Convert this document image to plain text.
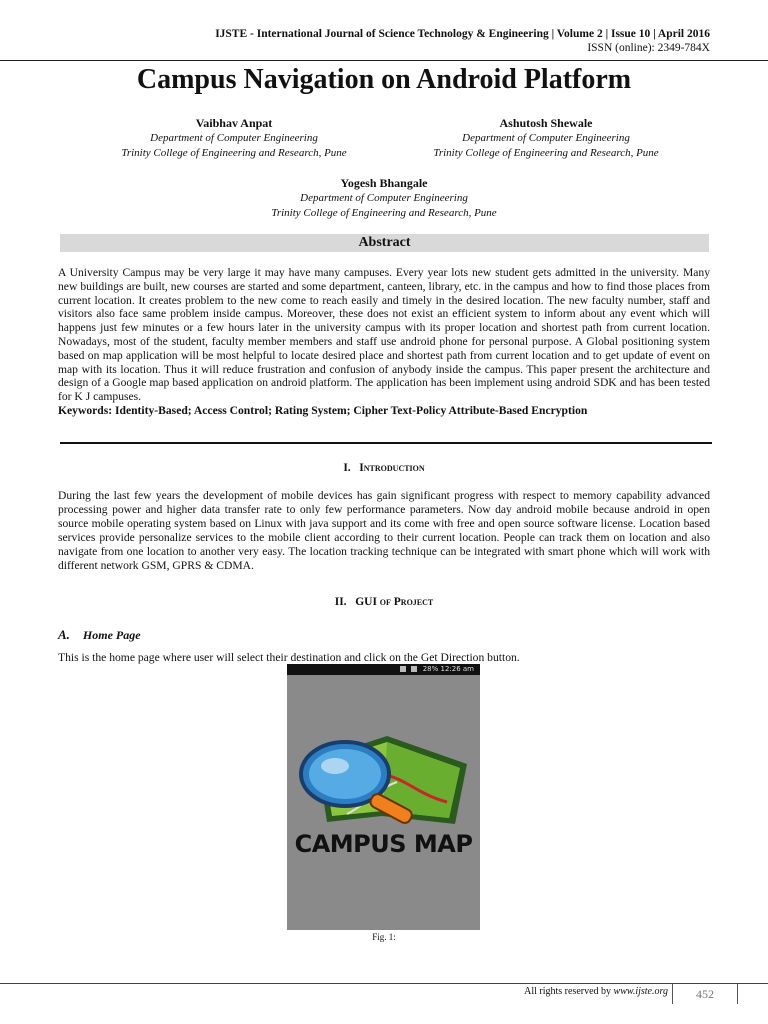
IJSTE - International Journal of Science Technology & Engineering | Volume 2 | Issue 10 | April 2016
ISSN (online): 2349-784X
Campus Navigation on Android Platform
Vaibhav Anpat
Department of Computer Engineering
Trinity College of Engineering and Research, Pune
Ashutosh Shewale
Department of Computer Engineering
Trinity College of Engineering and Research, Pune
Yogesh Bhangale
Department of Computer Engineering
Trinity College of Engineering and Research, Pune
Abstract
A University Campus may be very large it may have many campuses. Every year lots new student gets admitted in the university. Many new buildings are built, new courses are started and some department, canteen, library, etc. in the campus and how to find those places from current location. It creates problem to the new come to reach easily and timely in the desired location. The new faculty number, staff and visitors also face same problem inside campus. Moreover, these does not exist an efficient system to inform about any event which will happens just few minutes or a few hours later in the university campus with its proper location and shortest path from current location. Nowadays, most of the student, faculty member members and staff use android phone for personal purpose. A Global positioning system based on map application will be most helpful to locate desired place and shortest path from current location and to get update of event on map with its location. Thus it will reduce frustration and confusion of anybody inside the campus. This paper present the architecture and design of a Google map based application on android platform. The application has been implement using android SDK and has been tested for K J campuses.
Keywords: Identity-Based; Access Control; Rating System; Cipher Text-Policy Attribute-Based Encryption
I. Introduction
During the last few years the development of mobile devices has gain significant progress with respect to memory capability advanced processing power and higher data transfer rate to only few performance parameters. Now day android mobile because android in open source mobile operating system based on Linux with java support and its come with free and open source software license. Location based services provide personalize services to the mobile client according to their current location. People can track them on location and also navigate from one location to another very easy. The location tracking technique can be integrated with smart phone which will work with different network GSM, GPRS & CDMA.
II. GUI of Project
A. Home Page
This is the home page where user will select their destination and click on the Get Direction button.
28% 12:26 am
CAMPUS MAP
Fig. 1:
All rights reserved by www.ijste.org	452
